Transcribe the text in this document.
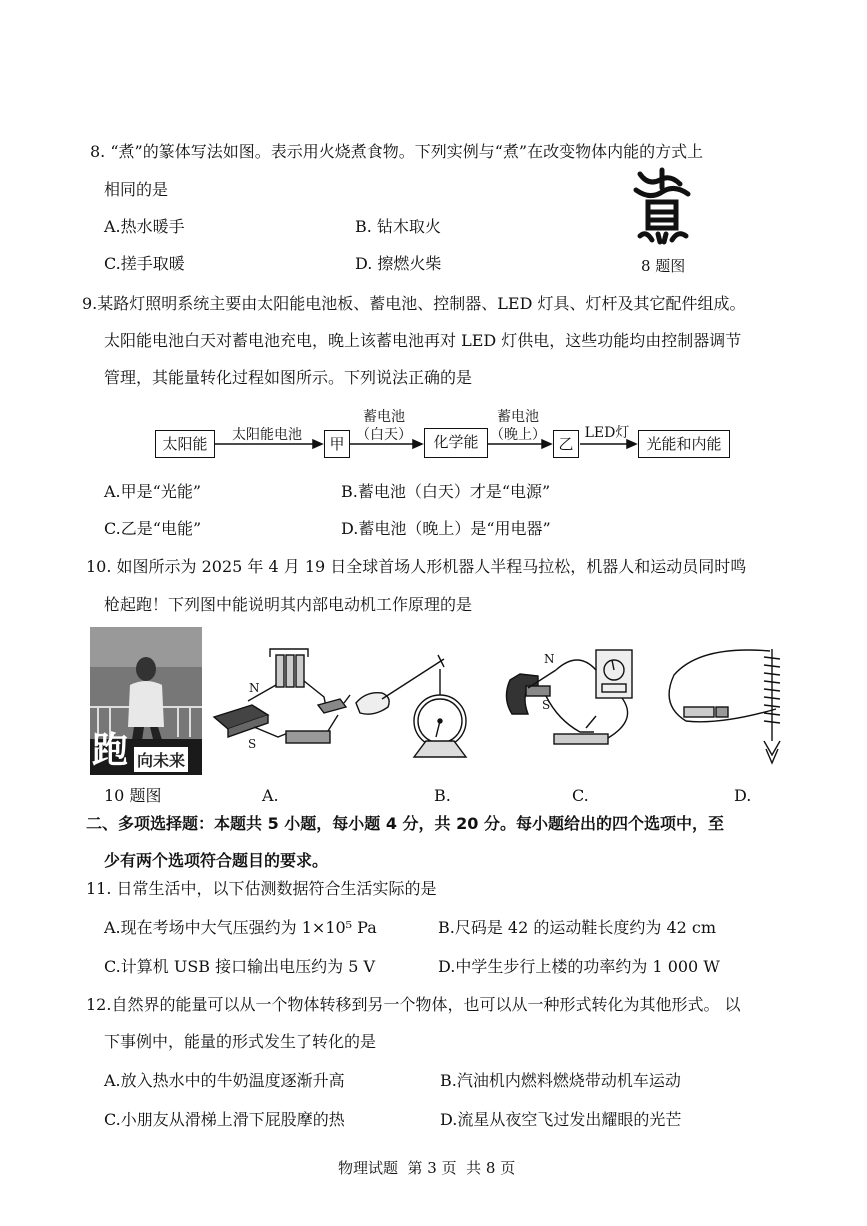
8. “煮”的篆体写法如图。表示用火烧煮食物。下列实例与“煮”在改变物体内能的方式上
相同的是
A.热水暖手	B. 钻木取火
C.搓手取暖	D. 擦燃火柴	8 题图
9.某路灯照明系统主要由太阳能电池板、蓄电池、控制器、LED 灯具、灯杆及其它配件组成。
太阳能电池白天对蓄电池充电，晚上该蓄电池再对 LED 灯供电，这些功能均由控制器调节
管理，其能量转化过程如图所示。下列说法正确的是
太阳能	甲	化学能	乙	光能和内能
太阳能电池
蓄电池
（白天）
蓄电池
（晚上）	LED灯
A.甲是“光能”	B.蓄电池（白天）才是“电源”
C.乙是“电能”	D.蓄电池（晚上）是“用电器”
10. 如图所示为 2025 年 4 月 19 日全球首场人形机器人半程马拉松，机器人和运动员同时鸣
枪起跑！下列图中能说明其内部电动机工作原理的是
跑 向未来
10 题图
N
S
A.	B.
N
S
C.	D.
二、多项选择题：本题共 5 小题，每小题 4 分，共 20 分。每小题给出的四个选项中，至
少有两个选项符合题目的要求。
11. 日常生活中，以下估测数据符合生活实际的是
A.现在考场中大气压强约为 1×10⁵ Pa	B.尺码是 42 的运动鞋长度约为 42 cm
C.计算机 USB 接口输出电压约为 5 V	D.中学生步行上楼的功率约为 1 000 W
12.自然界的能量可以从一个物体转移到另一个物体，也可以从一种形式转化为其他形式。 以
下事例中，能量的形式发生了转化的是
A.放入热水中的牛奶温度逐渐升高	B.汽油机内燃料燃烧带动机车运动
C.小朋友从滑梯上滑下屁股摩的热	D.流星从夜空飞过发出耀眼的光芒
物理试题  第 3 页  共 8 页
